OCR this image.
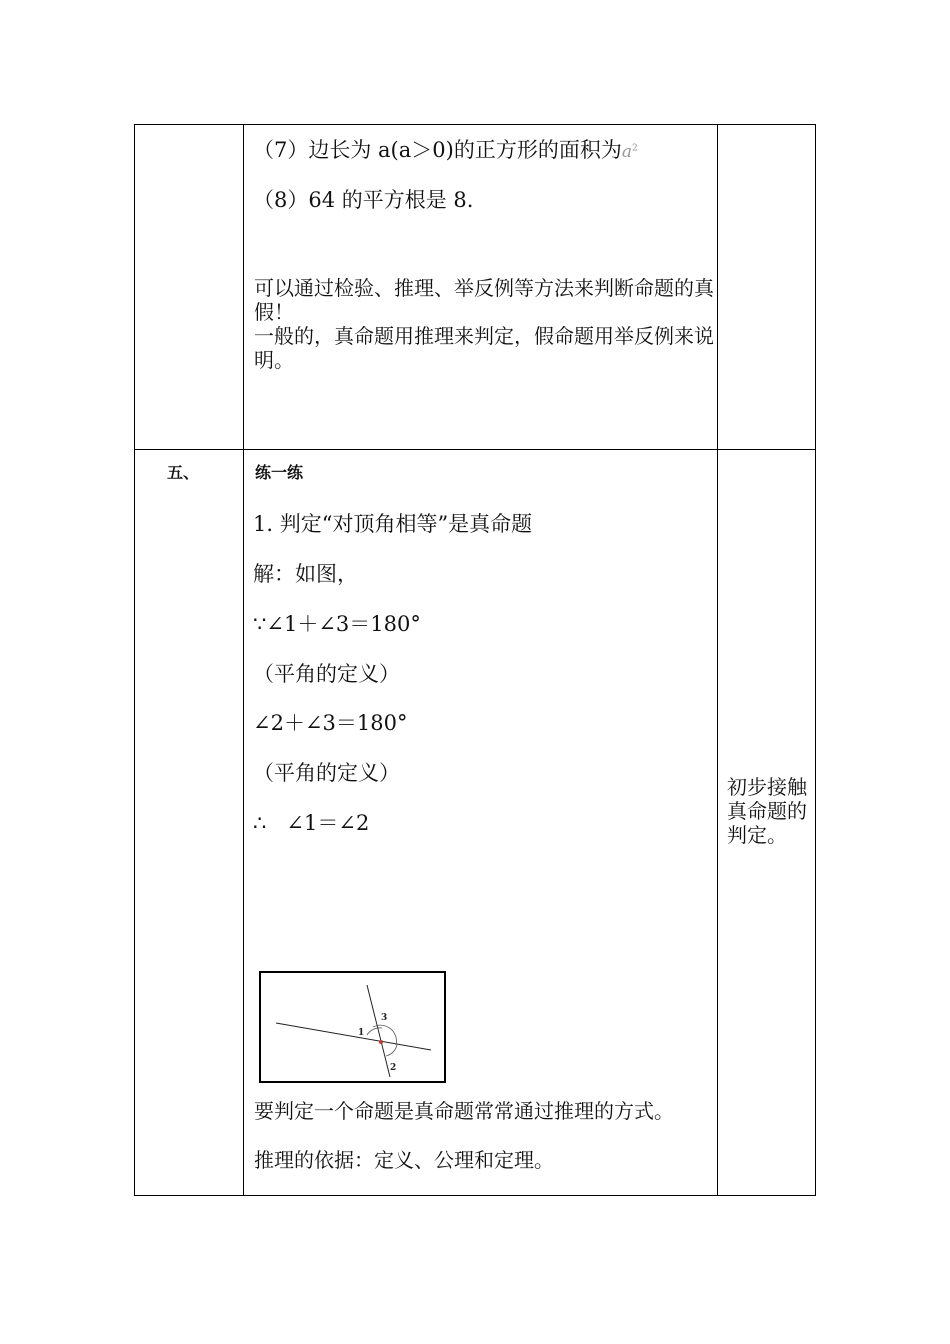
（7）边长为 a(a＞0)的正方形的面积为$a^2$
（8）64 的平方根是 8.
可以通过检验、推理、举反例等方法来判断命题的真假！
一般的，真命题用推理来判定，假命题用举反例来说明。
五、	练一练
1. 判定“对顶角相等”是真命题
解：如图，
∵∠1＋∠3＝180°
（平角的定义）
∠2＋∠3＝180°
（平角的定义）
∴   ∠1＝∠2
1
3
2
要判定一个命题是真命题常常通过推理的方式。
推理的依据：定义、公理和定理。
初步接触真命题的判定。
